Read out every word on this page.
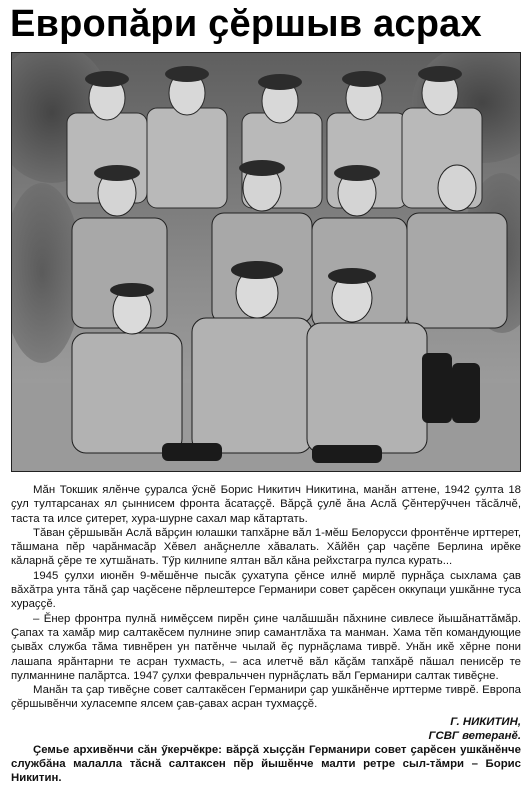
Европӑри ҫӗршыв асрах

Мӑн Токшик ялӗнче ҫуралса ӳснӗ Борис Никитич Никитина, манӑн аттене, 1942 ҫулта 18 ҫул тултарсанах ял ҫыннисем фронта ӑсатаҫҫӗ. Вӑрҫӑ ҫулӗ ӑна Аслӑ Ҫӗнтерӳччен тӑсӑлчӗ, таста та илсе ҫитерет, хура-шурне сахал мар кӑтартать.

Тӑван ҫӗршывӑн Аслӑ вӑрҫин юлашки тапхӑрне вӑл 1-мӗш Белорусси фронтӗнче ирттерет, тӑшмана пӗр чарӑнмасӑр Хӗвел анӑҫнелле хӑвалать. Хӑйӗн ҫар чаҫӗпе Берлина ирӗке кӑларнӑ ҫӗре те хутшӑнать. Тӳр килнипе ялтан вӑл кӑна рейхстагра пулса курать...

1945 ҫулхи июнӗн 9-мӗшӗнче пысӑк ҫухатупа ҫӗнсе илнӗ мирлӗ пурнӑҫа сыхлама ҫав вӑхӑтра унта тӑнӑ ҫар чаҫӗсене пӗрлештерсе Германири совет ҫарӗсен оккупаци ушкӑнне туса хураҫҫӗ.

– Ӗнер фронтра пулнӑ нимӗҫсем пирӗн ҫине чалӑшшӑн пӑхнине сивлесе йышӑнаттӑмӑр. Ҫапах та хамӑр мир салтакӗсем пулнине эпир самантлӑха та манман. Хама тӗп командующие ҫывӑх служба тӑма тивнӗрен ун патӗнче чылай ӗҫ пурнӑҫлама тиврӗ. Унӑн икӗ хӗрне пони лашапа ярӑнтарни те асран тухмасть, – аса илетчӗ вӑл кӑҫӑм тапхӑрӗ пӑшал пенисӗр те пулманнине палӑртса. 1947 ҫулхи февральччен пурнӑҫлать вӑл Германири салтак тивӗҫне.

Манӑн та ҫар тивӗҫне совет салтакӗсен Германири ҫар ушкӑнӗнче ирттерме тиврӗ. Европа ҫӗршывӗнчи хуласемпе ялсем ҫав-ҫавах асран тухмаҫҫӗ.

Г. НИКИТИН,
ГСВГ ветеранӗ.

Ҫемье архивӗнчи сӑн ӳкерчӗкре: вӑрҫӑ хыҫҫӑн Германири совет ҫарӗсен ушкӑнӗнче службӑна малалла тӑснӑ салтаксен пӗр йышӗнче малти ретре сыл-тӑмри – Борис Никитин.
